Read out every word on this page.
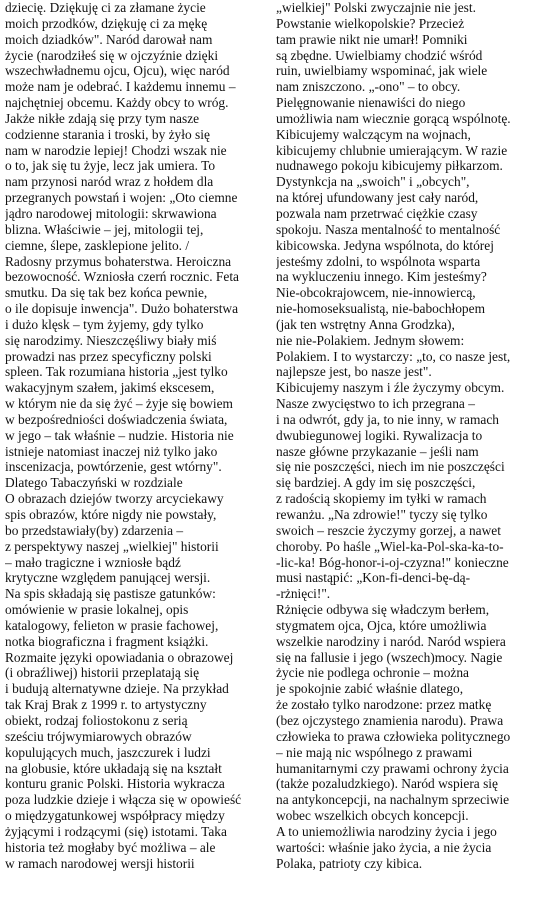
dziecię. Dziękuję ci za złamane życie
moich przodków, dziękuję ci za mękę
moich dziadków". Naród darował nam
życie (narodziłeś się w ojczyźnie dzięki
wszechwładnemu ojcu, Ojcu), więc naród
może nam je odebrać. I każdemu innemu –
najchętniej obcemu. Każdy obcy to wróg.
Jakże nikłe zdają się przy tym nasze
codzienne starania i troski, by żyło się
nam w narodzie lepiej! Chodzi wszak nie
o to, jak się tu żyje, lecz jak umiera. To
nam przynosi naród wraz z hołdem dla
przegranych powstań i wojen: „Oto ciemne
jądro narodowej mitologii: skrwawiona
blizna. Właściwie – jej, mitologii tej,
ciemne, ślepe, zasklepione jelito. /
Radosny przymus bohaterstwa. Heroiczna
bezowocność. Wzniosła czerń rocznic. Feta
smutku. Da się tak bez końca pewnie,
o ile dopisuje inwencja". Dużo bohaterstwa
i dużo klęsk – tym żyjemy, gdy tylko
się narodzimy. Nieszczęśliwy biały miś
prowadzi nas przez specyficzny polski
spleen. Tak rozumiana historia „jest tylko
wakacyjnym szałem, jakimś ekscesem,
w którym nie da się żyć – żyje się bowiem
w bezpośredniości doświadczenia świata,
w jego – tak właśnie – nudzie. Historia nie
istnieje natomiast inaczej niż tylko jako
inscenizacja, powtórzenie, gest wtórny".
Dlatego Tabaczyński w rozdziale
O obrazach dziejów tworzy arcyciekawy
spis obrazów, które nigdy nie powstały,
bo przedstawiały(by) zdarzenia –
z perspektywy naszej „wielkiej" historii
– mało tragiczne i wzniosłe bądź
krytyczne względem panującej wersji.
Na spis składają się pastisze gatunków:
omówienie w prasie lokalnej, opis
katalogowy, felieton w prasie fachowej,
notka biograficzna i fragment książki.
Rozmaite języki opowiadania o obrazowej
(i obraźliwej) historii przeplatają się
i budują alternatywne dzieje. Na przykład
tak Kraj Brak z 1999 r. to artystyczny
obiekt, rodzaj foliostokonu z serią
sześciu trójwymiarowych obrazów
kopulujących much, jaszczurek i ludzi
na globusie, które układają się na kształt
konturu granic Polski. Historia wykracza
poza ludzkie dzieje i włącza się w opowieść
o międzygatunkowej współpracy między
żyjącymi i rodzącymi (się) istotami. Taka
historia też mogłaby być możliwa – ale
w ramach narodowej wersji historii
„wielkiej" Polski zwyczajnie nie jest.
Powstanie wielkopolskie? Przecież
tam prawie nikt nie umarł! Pomniki
są zbędne. Uwielbiamy chodzić wśród
ruin, uwielbiamy wspominać, jak wiele
nam zniszczono. „-ono" – to obcy.
Pielęgnowanie nienawiści do niego
umożliwia nam wiecznie gorącą wspólnotę.
Kibicujemy walczącym na wojnach,
kibicujemy chlubnie umierającym. W razie
nudnawego pokoju kibicujemy piłkarzom.
Dystynkcja na „swoich" i „obcych",
na której ufundowany jest cały naród,
pozwala nam przetrwać ciężkie czasy
spokoju. Nasza mentalność to mentalność
kibicowska. Jedyna wspólnota, do której
jesteśmy zdolni, to wspólnota wsparta
na wykluczeniu innego. Kim jesteśmy?
Nie-obcokrajowcem, nie-innowiercą,
nie-homoseksualistą, nie-babochłopem
(jak ten wstrętny Anna Grodzka),
nie nie-Polakiem. Jednym słowem:
Polakiem. I to wystarczy: „to, co nasze jest,
najlepsze jest, bo nasze jest".
Kibicujemy naszym i źle życzymy obcym.
Nasze zwycięstwo to ich przegrana –
i na odwrót, gdy ja, to nie inny, w ramach
dwubiegunowej logiki. Rywalizacja to
nasze główne przykazanie – jeśli nam
się nie poszczęści, niech im nie poszczęści
się bardziej. A gdy im się poszczęści,
z radością skopiemy im tyłki w ramach
rewanżu. „Na zdrowie!" tyczy się tylko
swoich – reszcie życzymy gorzej, a nawet
choroby. Po haśle „Wiel-ka-Pol-ska-ka-to-
-lic-ka! Bóg-honor-i-oj-czyzna!" konieczne
musi nastąpić: „Kon-fi-denci-bę-dą-
-rżnięci!".
Rżnięcie odbywa się władczym berłem,
stygmatem ojca, Ojca, które umożliwia
wszelkie narodziny i naród. Naród wspiera
się na fallusie i jego (wszech)mocy. Nagie
życie nie podlega ochronie – można
je spokojnie zabić właśnie dlatego,
że zostało tylko narodzone: przez matkę
(bez ojczystego znamienia narodu). Prawa
człowieka to prawa człowieka politycznego
– nie mają nic wspólnego z prawami
humanitarnymi czy prawami ochrony życia
(także pozaludzkiego). Naród wspiera się
na antykoncepcji, na nachalnym sprzeciwie
wobec wszelkich obcych koncepcji.
A to uniemożliwia narodziny życia i jego
wartości: właśnie jako życia, a nie życia
Polaka, patrioty czy kibica.
